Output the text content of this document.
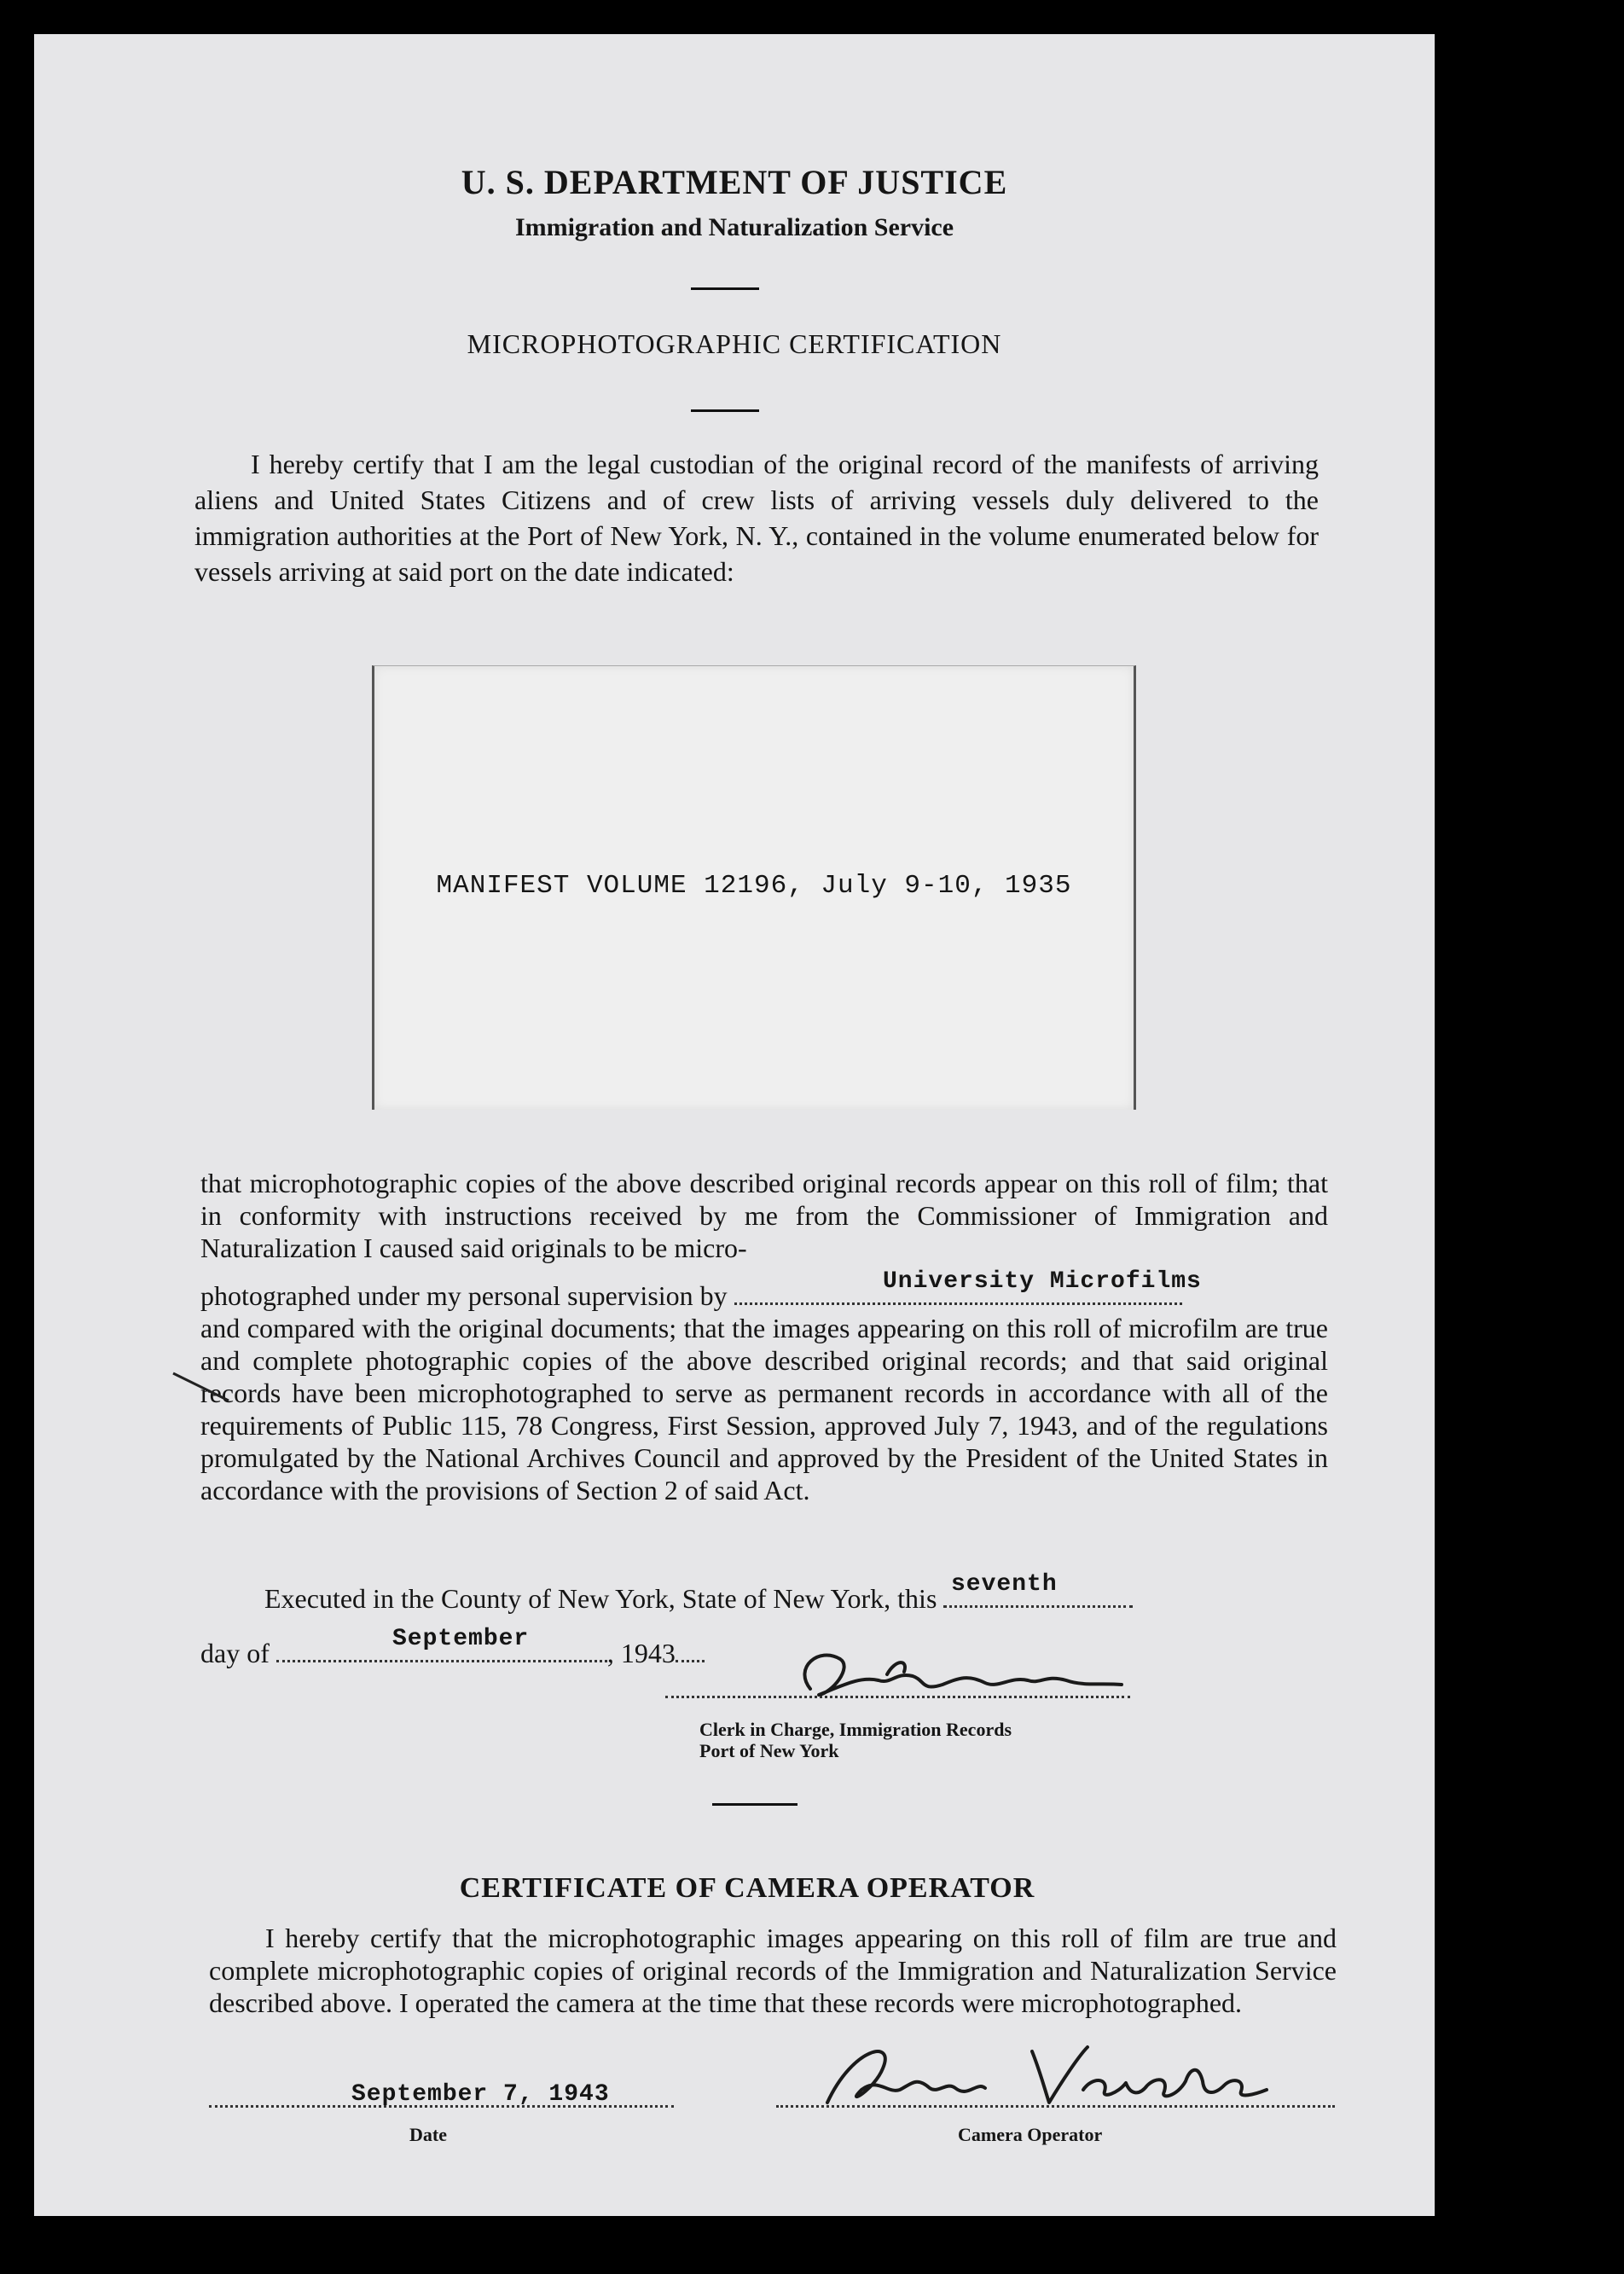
U. S. DEPARTMENT OF JUSTICE
Immigration and Naturalization Service
MICROPHOTOGRAPHIC CERTIFICATION
I hereby certify that I am the legal custodian of the original record of the manifests of arriving aliens and United States Citizens and of crew lists of arriving vessels duly delivered to the immigration authorities at the Port of New York, N. Y., contained in the volume enumerated below for vessels arriving at said port on the date indicated:
MANIFEST VOLUME 12196, July 9-10, 1935
that microphotographic copies of the above described original records appear on this roll of film; that in conformity with instructions received by me from the Commissioner of Immigration and Naturalization I caused said originals to be micro-
photographed under my personal supervision by	University Microfilms
and compared with the original documents; that the images appearing on this roll of microfilm are true and complete photographic copies of the above described original records; and that said original records have been microphotographed to serve as permanent records in accordance with all of the requirements of Public 115, 78 Congress, First Session, approved July 7, 1943, and of the regulations promulgated by the National Archives Council and approved by the President of the United States in accordance with the provisions of Section 2 of said Act.
Executed in the County of New York, State of New York, this seventh
day of	, 1943
September
Clerk in Charge, Immigration Records
Port of New York
CERTIFICATE OF CAMERA OPERATOR
I hereby certify that the microphotographic images appearing on this roll of film are true and complete microphotographic copies of original records of the Immigration and Naturalization Service described above. I operated the camera at the time that these records were microphotographed.
September 7, 1943
Date	Camera Operator
